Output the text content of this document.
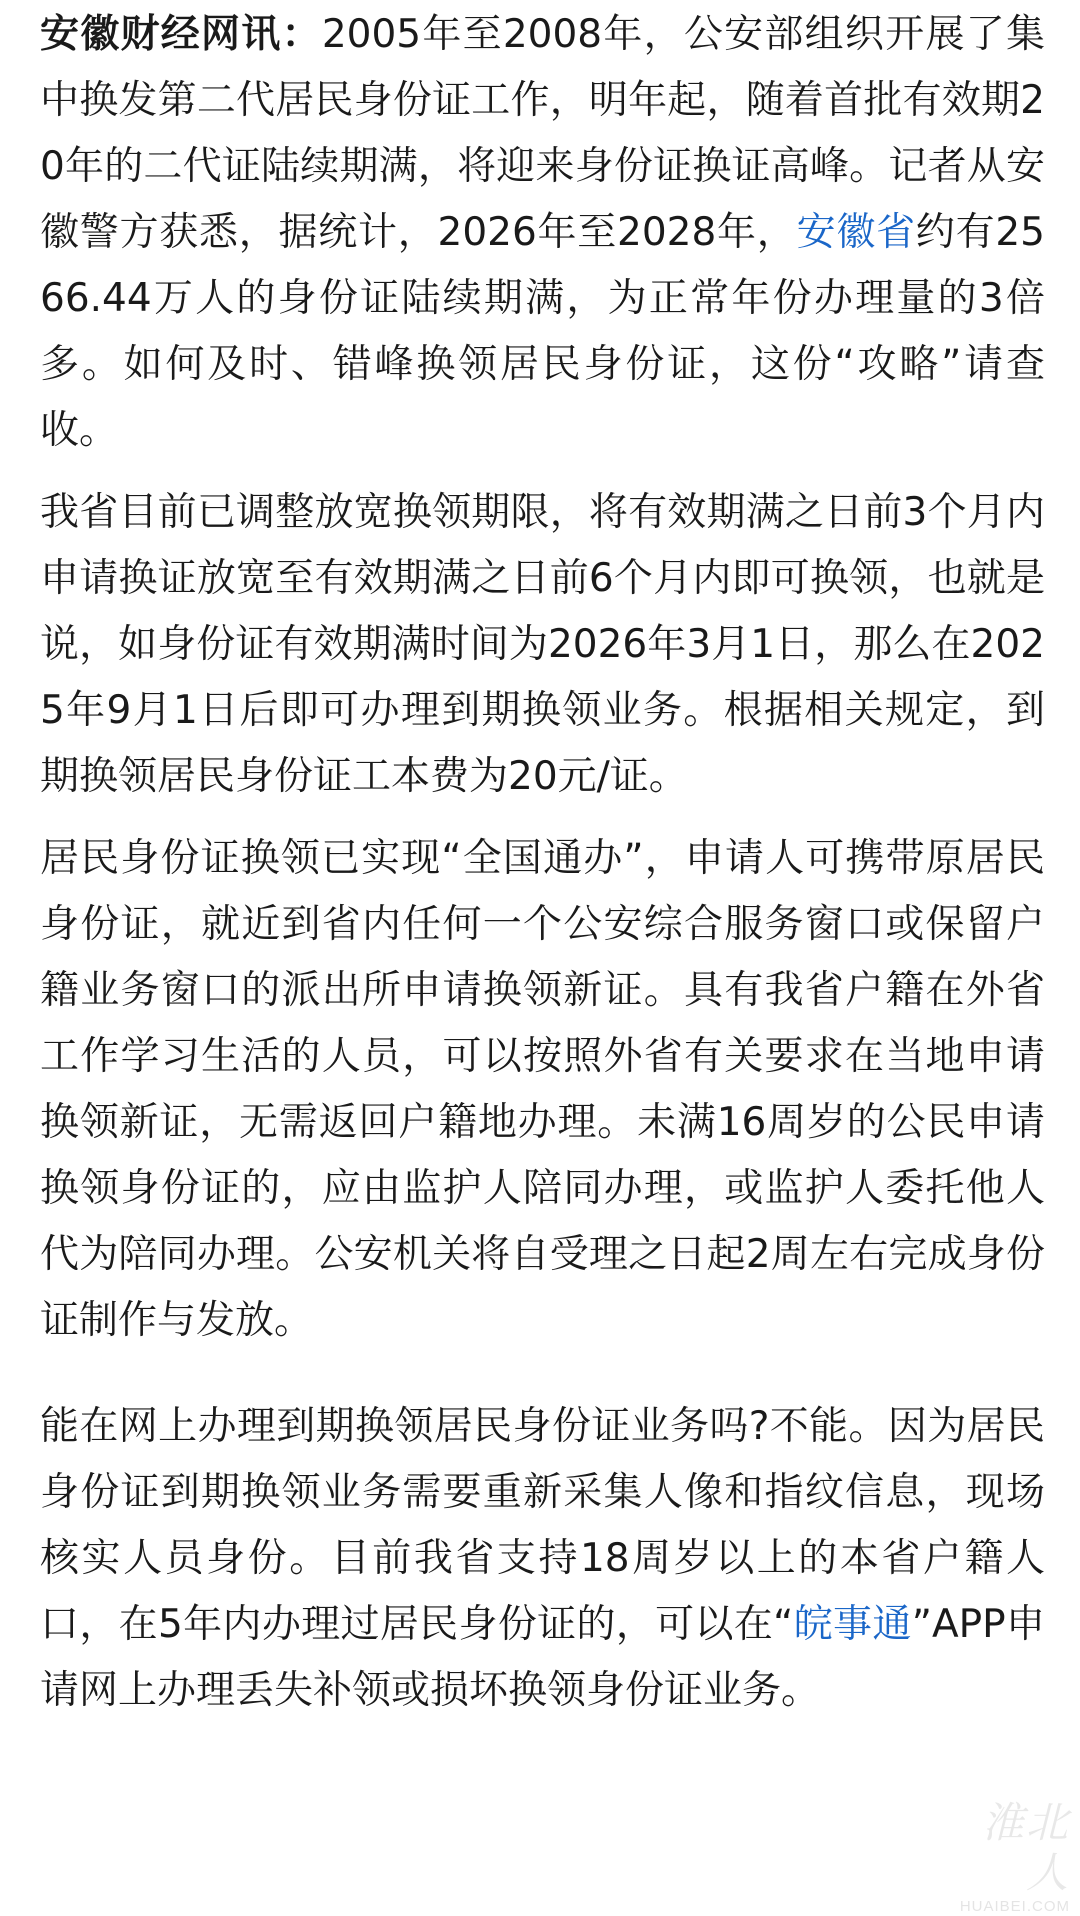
安徽财经网讯：2005年至2008年，公安部组织开展了集中换发第二代居民身份证工作，明年起，随着首批有效期20年的二代证陆续期满，将迎来身份证换证高峰。记者从安徽警方获悉，据统计，2026年至2028年，安徽省约有2566.44万人的身份证陆续期满，为正常年份办理量的3倍多。如何及时、错峰换领居民身份证，这份“攻略”请查收。

我省目前已调整放宽换领期限，将有效期满之日前3个月内申请换证放宽至有效期满之日前6个月内即可换领，也就是说，如身份证有效期满时间为2026年3月1日，那么在2025年9月1日后即可办理到期换领业务。根据相关规定，到期换领居民身份证工本费为20元/证。

居民身份证换领已实现“全国通办”，申请人可携带原居民身份证，就近到省内任何一个公安综合服务窗口或保留户籍业务窗口的派出所申请换领新证。具有我省户籍在外省工作学习生活的人员，可以按照外省有关要求在当地申请换领新证，无需返回户籍地办理。未满16周岁的公民申请换领身份证的，应由监护人陪同办理，或监护人委托他人代为陪同办理。公安机关将自受理之日起2周左右完成身份证制作与发放。

能在网上办理到期换领居民身份证业务吗?不能。因为居民身份证到期换领业务需要重新采集人像和指纹信息，现场核实人员身份。目前我省支持18周岁以上的本省户籍人口，在5年内办理过居民身份证的，可以在“皖事通”APP申请网上办理丢失补领或损坏换领身份证业务。

淮北人
HUAIBEI.COM
